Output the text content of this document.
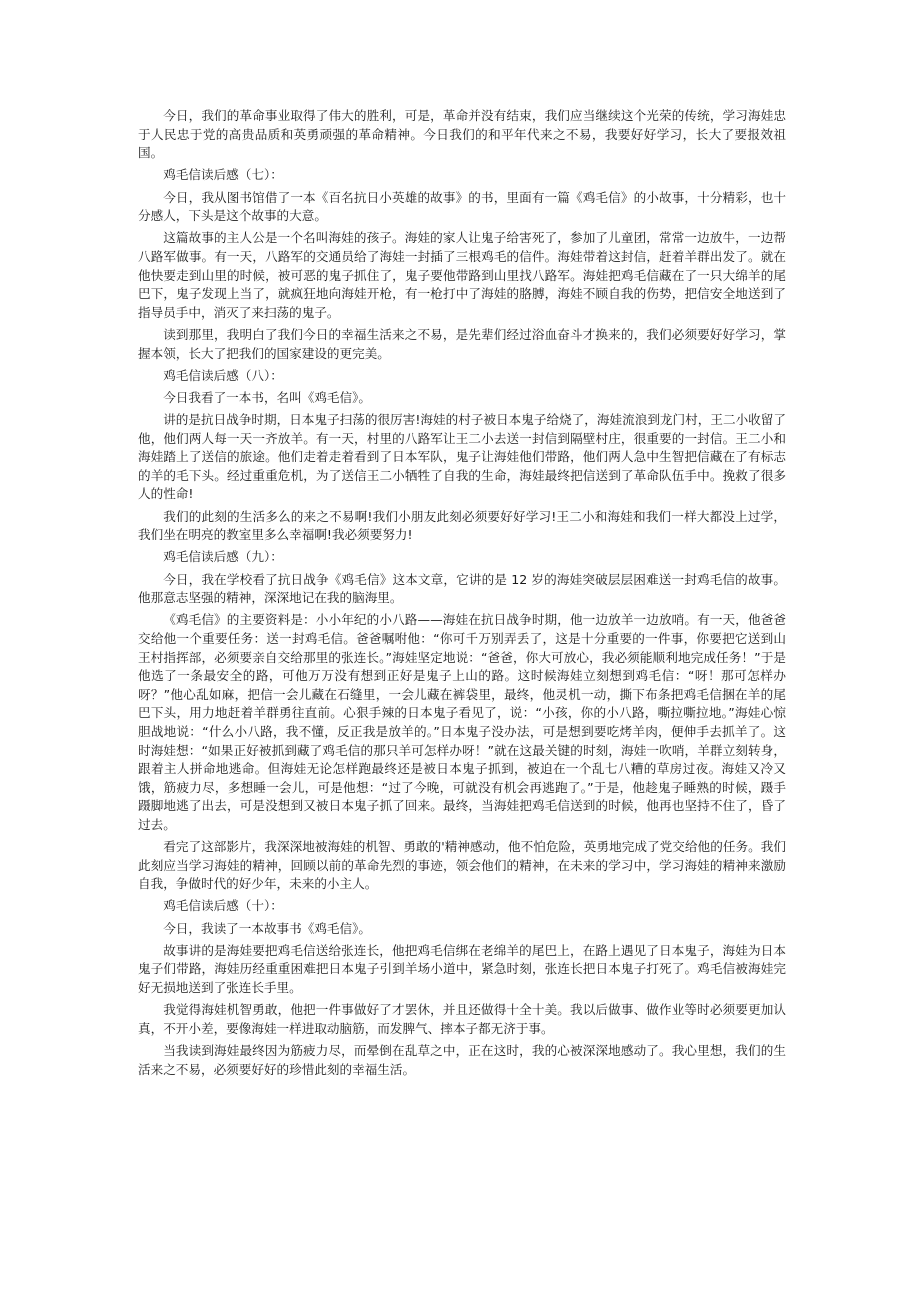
今日，我们的革命事业取得了伟大的胜利，可是，革命并没有结束，我们应当继续这个光荣的传统，学习海娃忠于人民忠于党的高贵品质和英勇顽强的革命精神。今日我们的和平年代来之不易，我要好好学习，长大了要报效祖国。

鸡毛信读后感（七）：

今日，我从图书馆借了一本《百名抗日小英雄的故事》的书，里面有一篇《鸡毛信》的小故事，十分精彩，也十分感人，下头是这个故事的大意。

这篇故事的主人公是一个名叫海娃的孩子。海娃的家人让鬼子给害死了，参加了儿童团，常常一边放牛，一边帮八路军做事。有一天，八路军的交通员给了海娃一封插了三根鸡毛的信件。海娃带着这封信，赶着羊群出发了。就在他快要走到山里的时候，被可恶的鬼子抓住了，鬼子要他带路到山里找八路军。海娃把鸡毛信藏在了一只大绵羊的尾巴下，鬼子发现上当了，就疯狂地向海娃开枪，有一枪打中了海娃的胳膊，海娃不顾自我的伤势，把信安全地送到了指导员手中，消灭了来扫荡的鬼子。

读到那里，我明白了我们今日的幸福生活来之不易，是先辈们经过浴血奋斗才换来的，我们必须要好好学习，掌握本领，长大了把我们的国家建设的更完美。

鸡毛信读后感（八）：

今日我看了一本书，名叫《鸡毛信》。

讲的是抗日战争时期，日本鬼子扫荡的很厉害!海娃的村子被日本鬼子给烧了，海娃流浪到龙门村，王二小收留了他，他们两人每一天一齐放羊。有一天，村里的八路军让王二小去送一封信到隔壁村庄，很重要的一封信。王二小和海娃踏上了送信的旅途。他们走着走着看到了日本军队，鬼子让海娃他们带路，他们两人急中生智把信藏在了有标志的羊的毛下头。经过重重危机，为了送信王二小牺牲了自我的生命，海娃最终把信送到了革命队伍手中。挽救了很多人的性命!

我们的此刻的生活多么的来之不易啊!我们小朋友此刻必须要好好学习!王二小和海娃和我们一样大都没上过学，我们坐在明亮的教室里多么幸福啊!我必须要努力!

鸡毛信读后感（九）：

今日，我在学校看了抗日战争《鸡毛信》这本文章，它讲的是 12 岁的海娃突破层层困难送一封鸡毛信的故事。他那意志坚强的精神，深深地记在我的脑海里。

《鸡毛信》的主要资料是：小小年纪的小八路——海娃在抗日战争时期，他一边放羊一边放哨。有一天，他爸爸交给他一个重要任务：送一封鸡毛信。爸爸嘱咐他：“你可千万别弄丢了，这是十分重要的一件事，你要把它送到山王村指挥部，必须要亲自交给那里的张连长。”海娃坚定地说：“爸爸，你大可放心，我必须能顺利地完成任务！”于是他选了一条最安全的路，可他万万没有想到正好是鬼子上山的路。这时候海娃立刻想到鸡毛信：“呀！那可怎样办呀？”他心乱如麻，把信一会儿藏在石缝里，一会儿藏在裤袋里，最终，他灵机一动，撕下布条把鸡毛信捆在羊的尾巴下头，用力地赶着羊群勇往直前。心狠手辣的日本鬼子看见了，说：“小孩，你的小八路，嘶拉嘶拉地。”海娃心惊胆战地说：“什么小八路，我不懂，反正我是放羊的。”日本鬼子没办法，可是想到要吃烤羊肉，便伸手去抓羊了。这时海娃想：“如果正好被抓到藏了鸡毛信的那只羊可怎样办呀！”就在这最关键的时刻，海娃一吹哨，羊群立刻转身，跟着主人拼命地逃命。但海娃无论怎样跑最终还是被日本鬼子抓到，被迫在一个乱七八糟的草房过夜。海娃又冷又饿，筋疲力尽，多想睡一会儿，可是他想：“过了今晚，可就没有机会再逃跑了。”于是，他趁鬼子睡熟的时候，蹑手蹑脚地逃了出去，可是没想到又被日本鬼子抓了回来。最终，当海娃把鸡毛信送到的时候，他再也坚持不住了，昏了过去。

看完了这部影片，我深深地被海娃的机智、勇敢的'精神感动，他不怕危险，英勇地完成了党交给他的任务。我们此刻应当学习海娃的精神，回顾以前的革命先烈的事迹，领会他们的精神，在未来的学习中，学习海娃的精神来激励自我，争做时代的好少年，未来的小主人。

鸡毛信读后感（十）：

今日，我读了一本故事书《鸡毛信》。

故事讲的是海娃要把鸡毛信送给张连长，他把鸡毛信绑在老绵羊的尾巴上，在路上遇见了日本鬼子，海娃为日本鬼子们带路，海娃历经重重困难把日本鬼子引到羊场小道中，紧急时刻，张连长把日本鬼子打死了。鸡毛信被海娃完好无损地送到了张连长手里。

我觉得海娃机智勇敢，他把一件事做好了才罢休，并且还做得十全十美。我以后做事、做作业等时必须要更加认真，不开小差，要像海娃一样进取动脑筋，而发脾气、摔本子都无济于事。

当我读到海娃最终因为筋疲力尽，而晕倒在乱草之中，正在这时，我的心被深深地感动了。我心里想，我们的生活来之不易，必须要好好的珍惜此刻的幸福生活。
